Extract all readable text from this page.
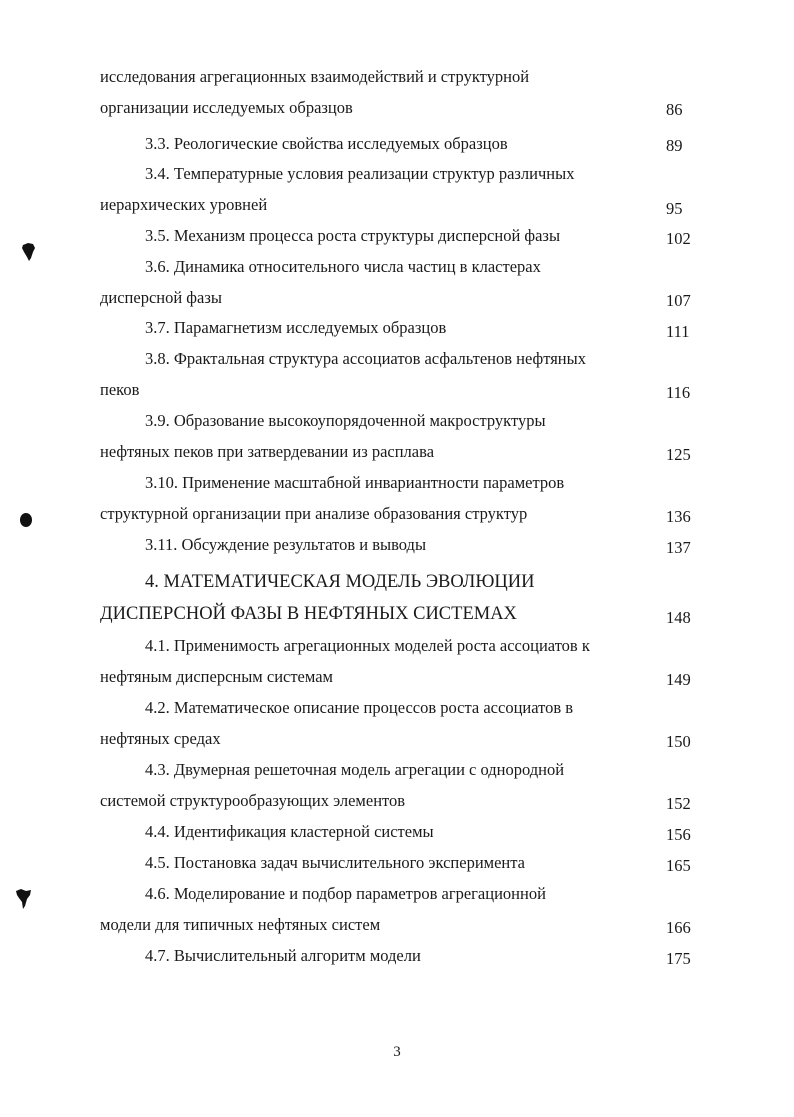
исследования агрегационных взаимодействий и структурной
организации исследуемых образцов	86
3.3. Реологические свойства исследуемых образцов	89
3.4. Температурные условия реализации структур различных
иерархических уровней	95
3.5. Механизм процесса роста структуры дисперсной фазы	102
3.6. Динамика относительного числа частиц в кластерах
дисперсной фазы	107
3.7. Парамагнетизм исследуемых образцов	111
3.8. Фрактальная структура ассоциатов асфальтенов нефтяных
пеков	116
3.9. Образование высокоупорядоченной макроструктуры
нефтяных пеков при затвердевании из расплава	125
3.10. Применение масштабной инвариантности параметров
структурной организации при анализе образования структур	136
3.11. Обсуждение результатов и выводы	137
4. МАТЕМАТИЧЕСКАЯ МОДЕЛЬ ЭВОЛЮЦИИ
ДИСПЕРСНОЙ ФАЗЫ В НЕФТЯНЫХ СИСТЕМАХ	148
4.1. Применимость агрегационных моделей роста ассоциатов к
нефтяным дисперсным системам	149
4.2. Математическое описание процессов роста ассоциатов в
нефтяных средах	150
4.3. Двумерная решеточная модель агрегации с однородной
системой структурообразующих элементов	152
4.4. Идентификация кластерной системы	156
4.5. Постановка задач вычислительного эксперимента	165
4.6. Моделирование и подбор параметров агрегационной
модели для типичных нефтяных систем	166
4.7. Вычислительный алгоритм модели	175
3
